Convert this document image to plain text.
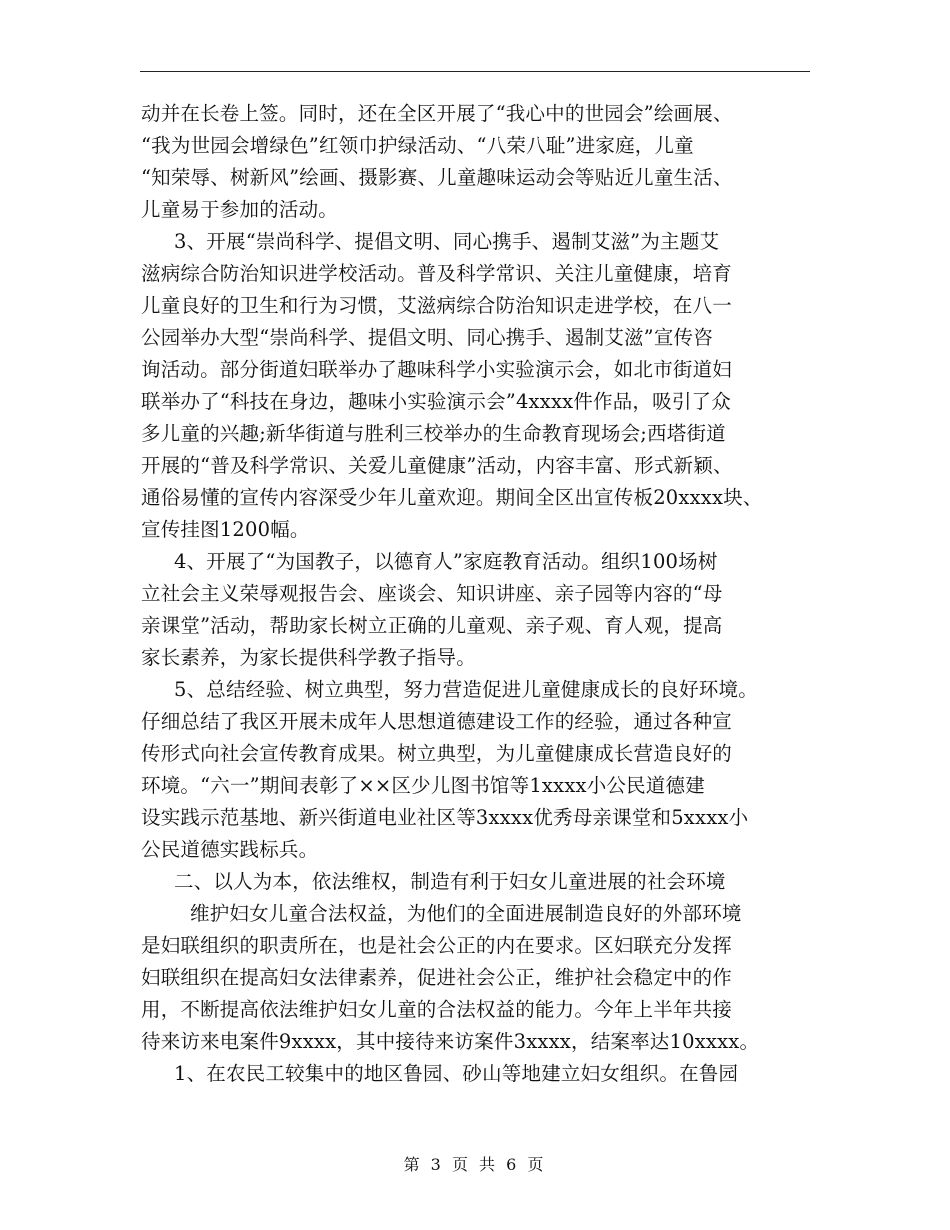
动并在长卷上签。同时，还在全区开展了“我心中的世园会”绘画展、
“我为世园会增绿色”红领巾护绿活动、“八荣八耻”进家庭，儿童
“知荣辱、树新风”绘画、摄影赛、儿童趣味运动会等贴近儿童生活、
儿童易于参加的活动。
3、开展“崇尚科学、提倡文明、同心携手、遏制艾滋”为主题艾
滋病综合防治知识进学校活动。普及科学常识、关注儿童健康，培育
儿童良好的卫生和行为习惯，艾滋病综合防治知识走进学校，在八一
公园举办大型“崇尚科学、提倡文明、同心携手、遏制艾滋”宣传咨
询活动。部分街道妇联举办了趣味科学小实验演示会，如北市街道妇
联举办了“科技在身边，趣味小实验演示会”4xxxx件作品，吸引了众
多儿童的兴趣;新华街道与胜利三校举办的生命教育现场会;西塔街道
开展的“普及科学常识、关爱儿童健康”活动，内容丰富、形式新颖、
通俗易懂的宣传内容深受少年儿童欢迎。期间全区出宣传板20xxxx块、
宣传挂图1200幅。
4、开展了“为国教子，以德育人”家庭教育活动。组织100场树
立社会主义荣辱观报告会、座谈会、知识讲座、亲子园等内容的“母
亲课堂”活动，帮助家长树立正确的儿童观、亲子观、育人观，提高
家长素养，为家长提供科学教子指导。
5、总结经验、树立典型，努力营造促进儿童健康成长的良好环境。
仔细总结了我区开展未成年人思想道德建设工作的经验，通过各种宣
传形式向社会宣传教育成果。树立典型，为儿童健康成长营造良好的
环境。“六一”期间表彰了××区少儿图书馆等1xxxx小公民道德建
设实践示范基地、新兴街道电业社区等3xxxx优秀母亲课堂和5xxxx小
公民道德实践标兵。
二、以人为本，依法维权，制造有利于妇女儿童进展的社会环境
维护妇女儿童合法权益，为他们的全面进展制造良好的外部环境
是妇联组织的职责所在，也是社会公正的内在要求。区妇联充分发挥
妇联组织在提高妇女法律素养，促进社会公正，维护社会稳定中的作
用，不断提高依法维护妇女儿童的合法权益的能力。今年上半年共接
待来访来电案件9xxxx，其中接待来访案件3xxxx，结案率达10xxxx。
1、在农民工较集中的地区鲁园、砂山等地建立妇女组织。在鲁园
第 3 页 共 6 页
